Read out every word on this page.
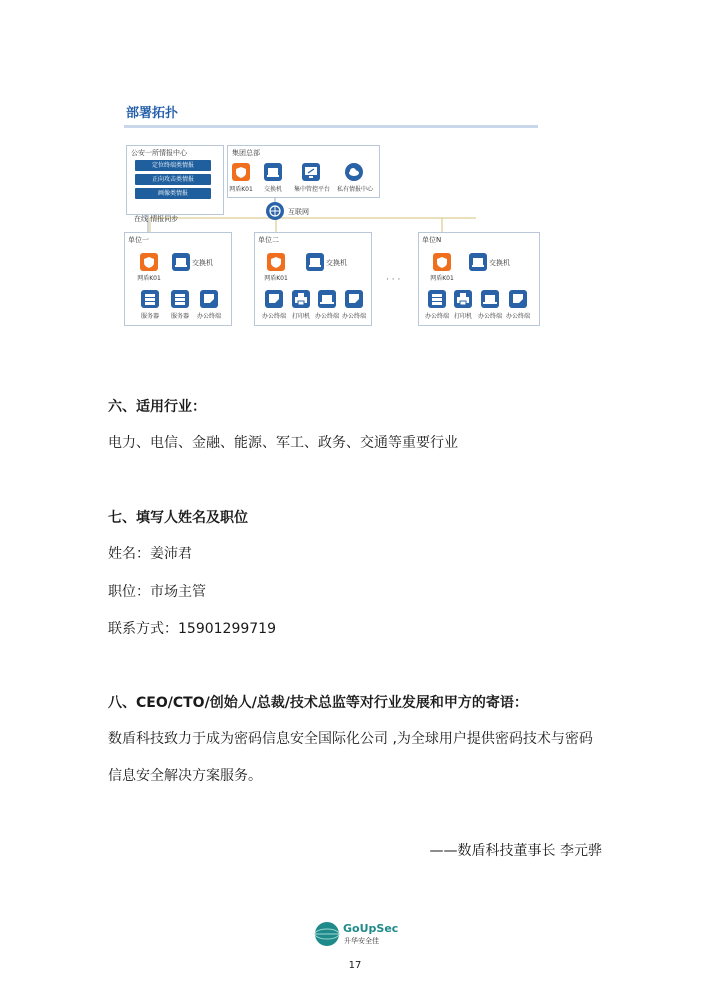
部署拓扑
公安一所情报中心
定位终端类情报
正向攻击类情报
画像类情报
在线 情报同步
集团总部
网盾K01	交换机	集中管控平台	私有情报中心
互联网
单位一
网盾K01
交换机
服务器	服务器	办公终端
单位二
网盾K01
交换机
办公终端 打印机 办公终端 办公终端
· · ·
单位N
网盾K01
交换机
办公终端 打印机 办公终端 办公终端
六、适用行业：
电力、电信、金融、能源、军工、政务、交通等重要行业
七、填写人姓名及职位
姓名：姜沛君
职位：市场主管
联系方式：15901299719
八、CEO/CTO/创始人/总裁/技术总监等对行业发展和甲方的寄语：
数盾科技致力于成为密码信息安全国际化公司 ,为全球用户提供密码技术与密码
信息安全解决方案服务。
——数盾科技董事长 李元骅
GoUpSec
升华安全佳
17
